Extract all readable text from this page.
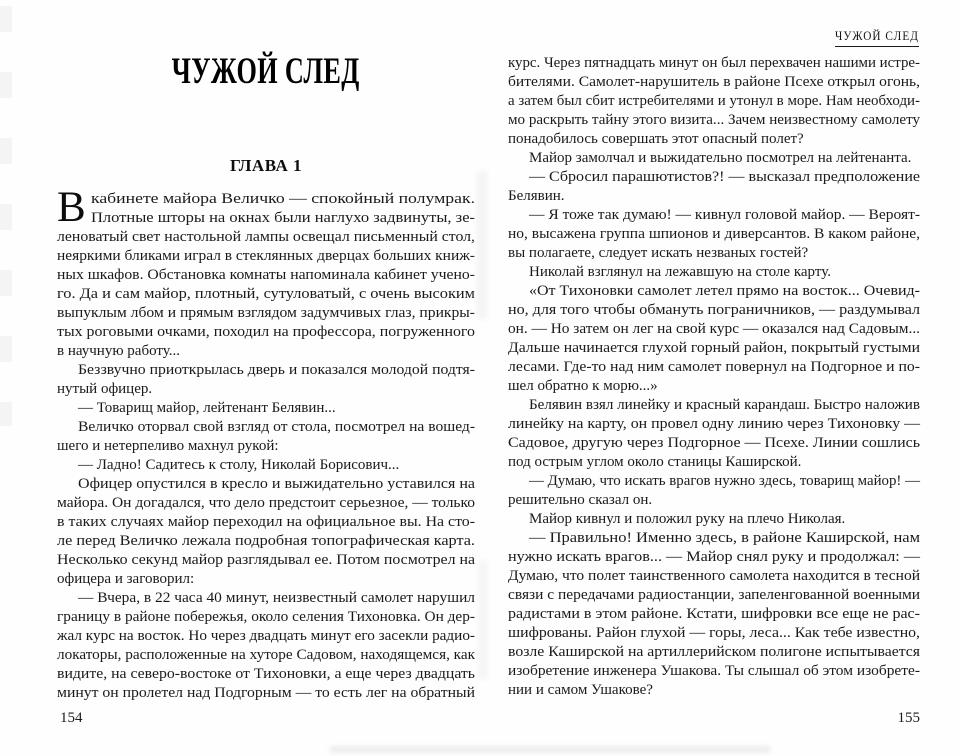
ЧУЖОЙ СЛЕД
ГЛАВА 1
В кабинете майора Величко — спокойный полумрак.
Плотные шторы на окнах были наглухо задвинуты, зе-
леноватый свет настольной лампы освещал письменный стол,
неяркими бликами играл в стеклянных дверцах больших книж-
ных шкафов. Обстановка комнаты напоминала кабинет учено-
го. Да и сам майор, плотный, сутуловатый, с очень высоким
выпуклым лбом и прямым взглядом задумчивых глаз, прикры-
тых роговыми очками, походил на профессора, погруженного
в научную работу...
Беззвучно приоткрылась дверь и показался молодой подтя-
нутый офицер.
— Товарищ майор, лейтенант Белявин...
Величко оторвал свой взгляд от стола, посмотрел на вошед-
шего и нетерпеливо махнул рукой:
— Ладно! Садитесь к столу, Николай Борисович...
Офицер опустился в кресло и выжидательно уставился на
майора. Он догадался, что дело предстоит серьезное, — только
в таких случаях майор переходил на официальное вы. На сто-
ле перед Величко лежала подробная топографическая карта.
Несколько секунд майор разглядывал ее. Потом посмотрел на
офицера и заговорил:
— Вчера, в 22 часа 40 минут, неизвестный самолет нарушил
границу в районе побережья, около селения Тихоновка. Он дер-
жал курс на восток. Но через двадцать минут его засекли радио-
локаторы, расположенные на хуторе Садовом, находящемся, как
видите, на северо-востоке от Тихоновки, а еще через двадцать
минут он пролетел над Подгорным — то есть лег на обратный
154
ЧУЖОЙ СЛЕД
курс. Через пятнадцать минут он был перехвачен нашими истре-
бителями. Самолет-нарушитель в районе Псехе открыл огонь,
а затем был сбит истребителями и утонул в море. Нам необходи-
мо раскрыть тайну этого визита... Зачем неизвестному самолету
понадобилось совершать этот опасный полет?
Майор замолчал и выжидательно посмотрел на лейтенанта.
— Сбросил парашютистов?! — высказал предположение
Белявин.
— Я тоже так думаю! — кивнул головой майор. — Вероят-
но, высажена группа шпионов и диверсантов. В каком районе,
вы полагаете, следует искать незваных гостей?
Николай взглянул на лежавшую на столе карту.
«От Тихоновки самолет летел прямо на восток... Очевид-
но, для того чтобы обмануть пограничников, — раздумывал
он. — Но затем он лег на свой курс — оказался над Садовым...
Дальше начинается глухой горный район, покрытый густыми
лесами. Где-то над ним самолет повернул на Подгорное и по-
шел обратно к морю...»
Белявин взял линейку и красный карандаш. Быстро наложив
линейку на карту, он провел одну линию через Тихоновку —
Садовое, другую через Подгорное — Псехе. Линии сошлись
под острым углом около станицы Каширской.
— Думаю, что искать врагов нужно здесь, товарищ майор! —
решительно сказал он.
Майор кивнул и положил руку на плечо Николая.
— Правильно! Именно здесь, в районе Каширской, нам
нужно искать врагов... — Майор снял руку и продолжал: —
Думаю, что полет таинственного самолета находится в тесной
связи с передачами радиостанции, запеленгованной военными
радистами в этом районе. Кстати, шифровки все еще не рас-
шифрованы. Район глухой — горы, леса... Как тебе известно,
возле Каширской на артиллерийском полигоне испытывается
изобретение инженера Ушакова. Ты слышал об этом изобрете-
нии и самом Ушакове?
155
